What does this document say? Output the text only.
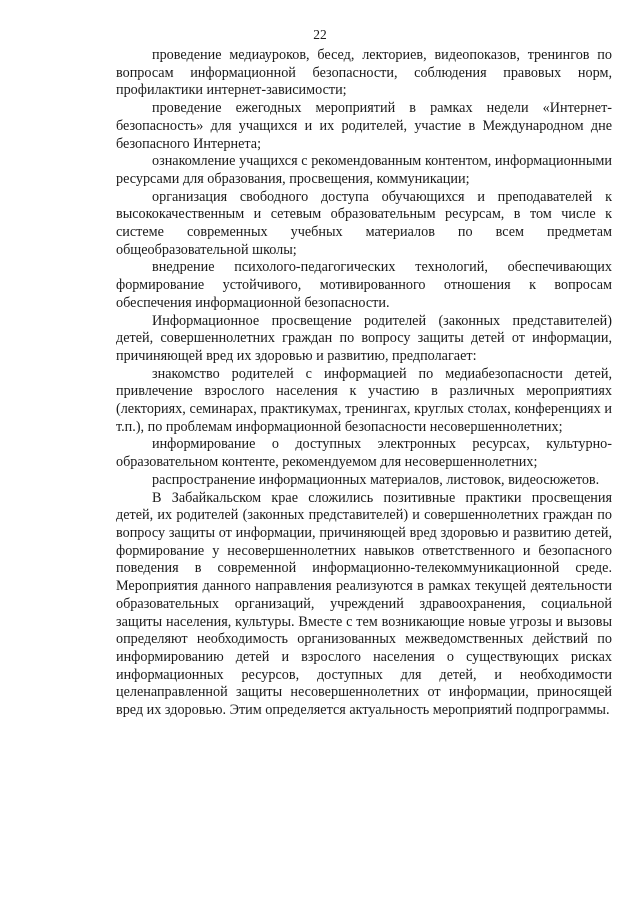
22

проведение медиауроков, бесед, лекториев, видеопоказов, тренингов по вопросам информационной безопасности, соблюдения правовых норм, профилактики интернет-зависимости;

проведение ежегодных мероприятий в рамках недели «Интернет-безопасность» для учащихся и их родителей, участие в Международном дне безопасного Интернета;

ознакомление учащихся с рекомендованным контентом, информационными ресурсами для образования, просвещения, коммуникации;

организация свободного доступа обучающихся и преподавателей к высококачественным и сетевым образовательным ресурсам, в том числе к системе современных учебных материалов по всем предметам общеобразовательной школы;

внедрение психолого-педагогических технологий, обеспечивающих формирование устойчивого, мотивированного отношения к вопросам обеспечения информационной безопасности.

Информационное просвещение родителей (законных представителей) детей, совершеннолетних граждан по вопросу защиты детей от информации, причиняющей вред их здоровью и развитию, предполагает:

знакомство родителей с информацией по медиабезопасности детей, привлечение взрослого населения к участию в различных мероприятиях (лекториях, семинарах, практикумах, тренингах, круглых столах, конференциях и т.п.), по проблемам информационной безопасности несовершеннолетних;

информирование о доступных электронных ресурсах, культурно-образовательном контенте, рекомендуемом для несовершеннолетних;

распространение информационных материалов, листовок, видеосюжетов.

В Забайкальском крае сложились позитивные практики просвещения детей, их родителей (законных представителей) и совершеннолетних граждан по вопросу защиты от информации, причиняющей вред здоровью и развитию детей, формирование у несовершеннолетних навыков ответственного и безопасного поведения в современной информационно-телекоммуникационной среде. Мероприятия данного направления реализуются в рамках текущей деятельности образовательных организаций, учреждений здравоохранения, социальной защиты населения, культуры. Вместе с тем возникающие новые угрозы и вызовы определяют необходимость организованных межведомственных действий по информированию детей и взрослого населения о существующих рисках информационных ресурсов, доступных для детей, и необходимости целенаправленной защиты несовершеннолетних от информации, приносящей вред их здоровью. Этим определяется актуальность мероприятий подпрограммы.
